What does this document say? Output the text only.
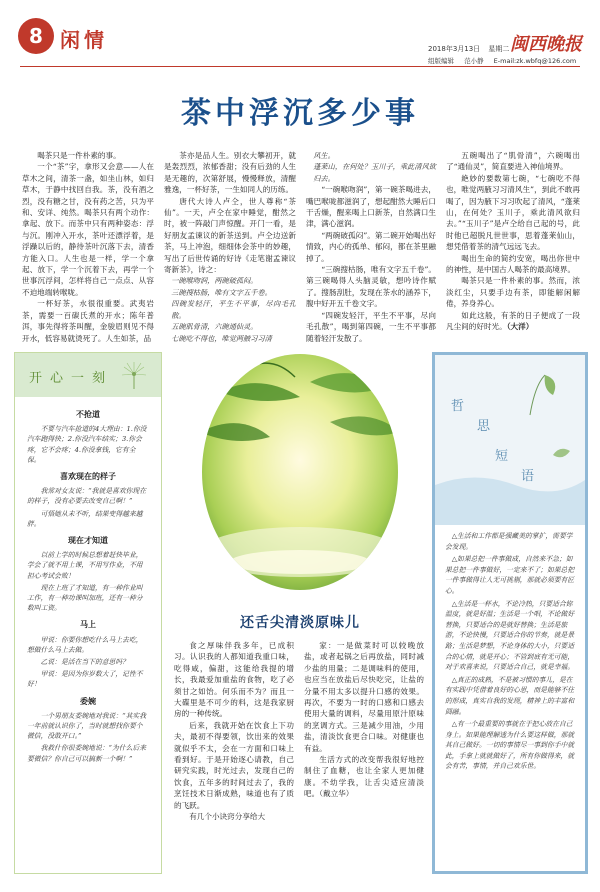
8 闲情	2018年3月13日 星期二 闽西晚报
组版编辑 范小静 E-mail:zk.wbfq@126.com
茶中浮沉多少事

喝茶只是一件朴素的事。

一个“茶”字，拿形又会意——人在草木之间，清茶一盏，如坐山林，如归草木，于静中找回自我。茶，没有酒之烈，没有糖之甘，没有药之苦，只为平和、安详、纯然。喝茶只有两个动作：拿起、放下。而茶中只有两种姿态：浮与沉。刚冲入开水，茶叶还漂浮着，是浮躁以后的，静待茶叶沉落下去，清香方能入口。人生也是一样，学一个拿起、放下，学一个沉着下去，再学一个世事沉浮间，怎样将自己一点点、从容不迫地端转喉咙。

一杯好茶，水很很重要。武夷岩茶，需要一百碳氏煮的开水；陈年普洱，事先得将茶叫醒，金骏眉则见不得开水，低容易就烫死了。人生如茶，品

茶亦是品人生。别衣大攀初开，就是轰烈烈，浓郁香甜；没有后劲的人生是无趣的，次第舒展，慢慢释放，清醒雅逸，一杯好茶，一生如同人的历练。

唐代大诗人卢仝，世人尊称“茶仙”。一天，卢仝在家中睡觉，酣然之时，被一阵敲门声惊醒。开门一看，是好朋友孟谏议的新茶送到。卢仝边送新茶，马上冲泡，细细体会茶中的妙趣，写出了后世传诵的好诗《走笔谢孟谏议寄新茶》，诗之：

一碗喉吻润，两碗破孤闷。

三碗搜枯肠，唯有文字五千卷。

四碗发轻汗，平生不平事，尽向毛孔散。

五碗肌骨清，六碗通仙灵。

七碗吃不得也，唯觉两腋习习清

风生。

蓬莱山，在何处？玉川子，乘此清风欲归去。

“一碗喉吻润”，第一碗茶喝进去，嘴巴喉咙都滋润了，想起酣然大睡后口干舌燥，醒来喝上口新茶，自然满口生津，满心滋润。

“两碗破孤闷”。第二碗开始喝出好情致，内心的孤单、郁闷，都在茶里融掉了。

“三碗搜枯肠，唯有文字五千卷”。第三碗喝得人头脑灵敏，想吟诗作赋了。搜肠刮肚，发现在茶水的涵养下，腹中好开五千卷文字。

“四碗发轻汗，平生不平事，尽向毛孔散”，喝到第四碗，一生不平事都随着轻汗发散了。

五碗喝出了“肌骨清”，六碗喝出了“通仙灵”，简直要进入神仙境界。

絶妙的要数第七碗，“七碗吃不得也，唯觉两腋习习清风生”，到此不敢再喝了，因为腋下习习吹起了清风，“蓬莱山，在何处？玉川子，乘此清风欲归去。”“玉川子”是卢仝给自己起的号，此时他已超脱凡世世事，思着蓬莱仙山，想凭借着茶的清气远远飞去。

喝出生命的简约安宽，喝出你世中的神性，是中国古人喝茶的最高境界。

喝茶只是一件朴素的事。然而，浓淡红尘，只要手边有茶，即能解闲解倦，养身养心。

如此这般，有茶的日子便成了一段凡尘间的好时光。（大洋）

开心一刻
不抢道

不要与汽车抢道的4大理由：1.你没汽车跑得快；2.你没汽车结实；3.你会疼，它不会疼；4.你没拿钱，它有全保。

喜欢现在的样子

我常对女友说：“我就是喜欢你现在的样子，没有必要去改变自己啊！”

可悟她从未不听，结果变得越来越胖。

现在才知道

以前上学的时候总想着赶快毕业，学会了就不用上课，不用写作业，不用担心考试会败！

现在上班了才知道，有一种作业叫工作，有一种功课叫加班，还有一种分数叫工资。

马上

甲说：你要你想吃什么马上去吃，想做什么马上去做。

乙说：是活在当下的意思吗？

甲说：是因为你岁数大了，记性不好！

委婉

一个男朋友委婉地对我说：“其实我一年前就认识你了，当时就想找你要个微信，没敢开口。”

我救什你很委婉地说：“为什么后来要微信？你自己可以搞新一个啊！”

还舌尖清淡原味儿

食之厚味伴我多年，已成积习。认识我的人都知道我重口味，吃得咸，偏甜，这能给我提的增长，我最爱加重盐的食物，吃了必须甘之如饴。何乐而不为？而且一大碟里是不可少的料，这是我家厨房的一种传统。

后来，我就开始在饮食上下功夫，最初不得要领，饮出来的效果就似乎不太，会在一方面和口味上看到好。于是开始逐心请教，自己研究实践，时光过去，发现自己的饮食，五年多的时间过去了，我的烹饪技术日渐成熟，味道也有了质的飞跃。

有几个小诀窍分享给大

家：一是做菜时可以较晚放盐，或者起锅之后再放盐，同时减少盐的用量；二是调味料的使用，也应当在放盐后尽快吃完，让盐的分量不用太多以提升口感的效果。再次，不要为一时的口感和口感去使用大量的调料，尽量用原汁原味的烹调方式。三是减少用油，少用盐，清淡饮食更合口味。对健康也有益。

生活方式的改变帮我很好地控制住了血糖，也让全家人更加健康。不幼学我，让舌尖适应清淡吧。（戴立华）

哲
思
短
语

△生活和工作都是强藏美的掌扩，需要学会发现。

△如果总把一件事做成，自然来不急；如果总把一件事做好，一定来不了；如果总把一件事做得让人无可挑剔，那就必须要有匠心。

△生活是一杯水，不论冷热，只要适合妳温度，就是好温；生活是一个唱，不论做好替换，只要适合的是就好替换；生活是旅游，不论快慢，只要适合你的节奏，就是景路；生活是梦想，不论身体的大小，只要适合的心情，就是开心；不管到底有无可能，对于欢喜来说，只要适合自己，就是幸福。

△真正的成熟，不是被习惯的事儿，是在有实践中凭借着良好的心思，而是能够不住的形成，真实自我的发现，精神上的丰富和圆融。

△有一个最重要的事就在于把心放在自己身上。如果能理解透为什么要这样做，那就其自己做好。一切的事情尽一事到你手中就此，手拿上就就做好了，所有你做得来，就会有苦，事情，并自己欢乐世。
